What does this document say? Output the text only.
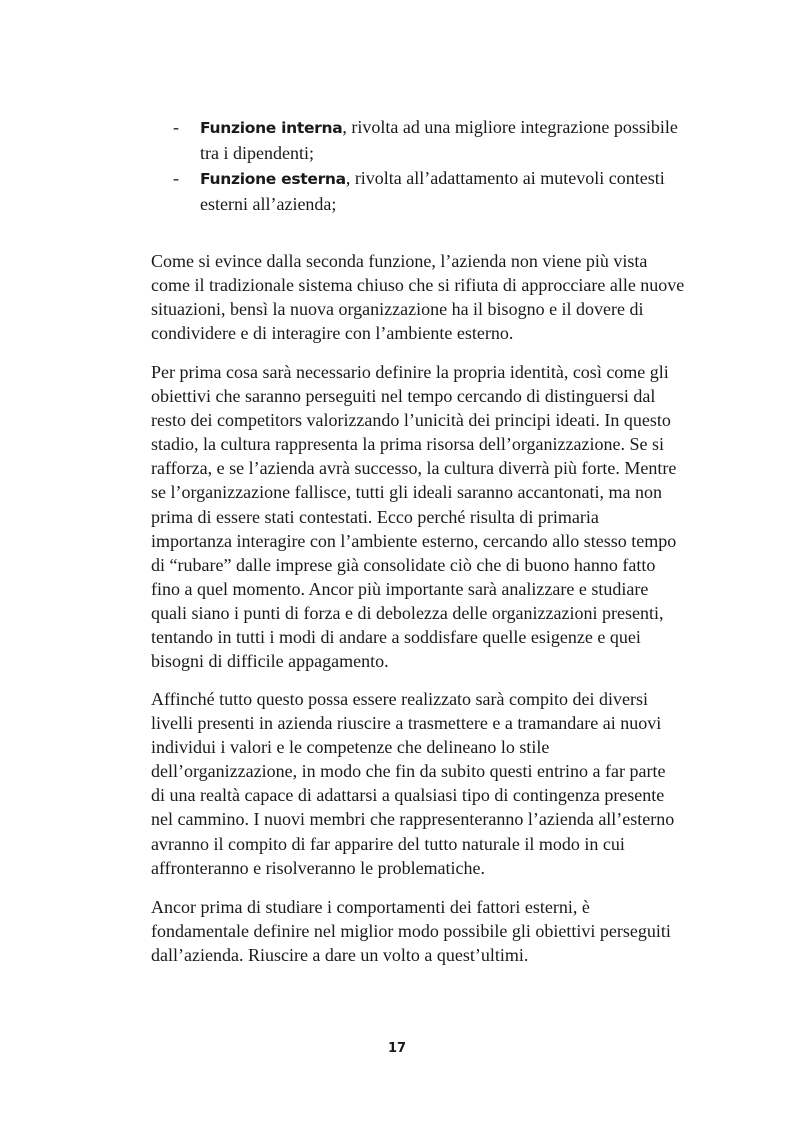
- Funzione interna, rivolta ad una migliore integrazione possibile
tra i dipendenti;
- Funzione esterna, rivolta all’adattamento ai mutevoli contesti
esterni all’azienda;
Come si evince dalla seconda funzione, l’azienda non viene più vista
come il tradizionale sistema chiuso che si rifiuta di approcciare alle nuove
situazioni, bensì la nuova organizzazione ha il bisogno e il dovere di
condividere e di interagire con l’ambiente esterno.
Per prima cosa sarà necessario definire la propria identità, così come gli
obiettivi che saranno perseguiti nel tempo cercando di distinguersi dal
resto dei competitors valorizzando l’unicità dei principi ideati. In questo
stadio, la cultura rappresenta la prima risorsa dell’organizzazione. Se si
rafforza, e se l’azienda avrà successo, la cultura diverrà più forte. Mentre
se l’organizzazione fallisce, tutti gli ideali saranno accantonati, ma non
prima di essere stati contestati. Ecco perché risulta di primaria
importanza interagire con l’ambiente esterno, cercando allo stesso tempo
di “rubare” dalle imprese già consolidate ciò che di buono hanno fatto
fino a quel momento. Ancor più importante sarà analizzare e studiare
quali siano i punti di forza e di debolezza delle organizzazioni presenti,
tentando in tutti i modi di andare a soddisfare quelle esigenze e quei
bisogni di difficile appagamento.
Affinché tutto questo possa essere realizzato sarà compito dei diversi
livelli presenti in azienda riuscire a trasmettere e a tramandare ai nuovi
individui i valori e le competenze che delineano lo stile
dell’organizzazione, in modo che fin da subito questi entrino a far parte
di una realtà capace di adattarsi a qualsiasi tipo di contingenza presente
nel cammino. I nuovi membri che rappresenteranno l’azienda all’esterno
avranno il compito di far apparire del tutto naturale il modo in cui
affronteranno e risolveranno le problematiche.
Ancor prima di studiare i comportamenti dei fattori esterni, è
fondamentale definire nel miglior modo possibile gli obiettivi perseguiti
dall’azienda. Riuscire a dare un volto a quest’ultimi.
17
